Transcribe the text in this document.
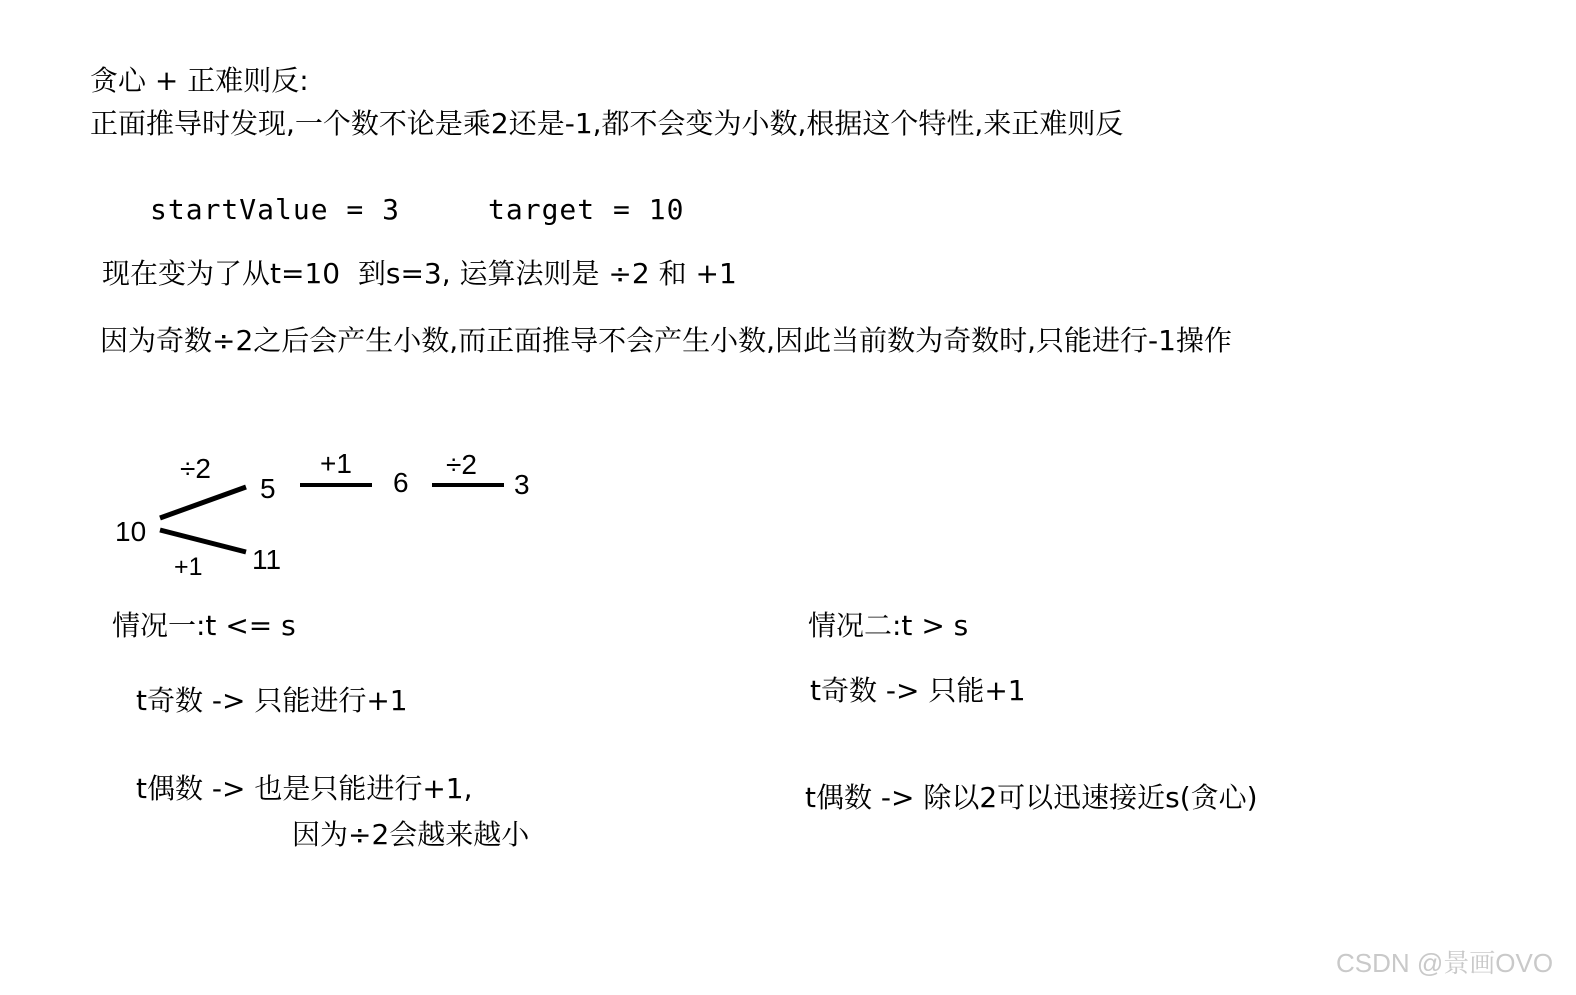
贪心 + 正难则反:
正面推导时发现,一个数不论是乘2还是-1,都不会变为小数,根据这个特性,来正难则反
startValue = 3	target = 10
现在变为了从t=10  到s=3, 运算法则是 ÷2 和 +1
因为奇数÷2之后会产生小数,而正面推导不会产生小数,因此当前数为奇数时,只能进行-1操作
10
÷2
5
+1 11
+1
6
÷2
3
情况一:t <= s
t奇数 -> 只能进行+1
t偶数 -> 也是只能进行+1,
因为÷2会越来越小
情况二:t > s
t奇数 -> 只能+1
t偶数 -> 除以2可以迅速接近s(贪心)
CSDN @景画OVO
